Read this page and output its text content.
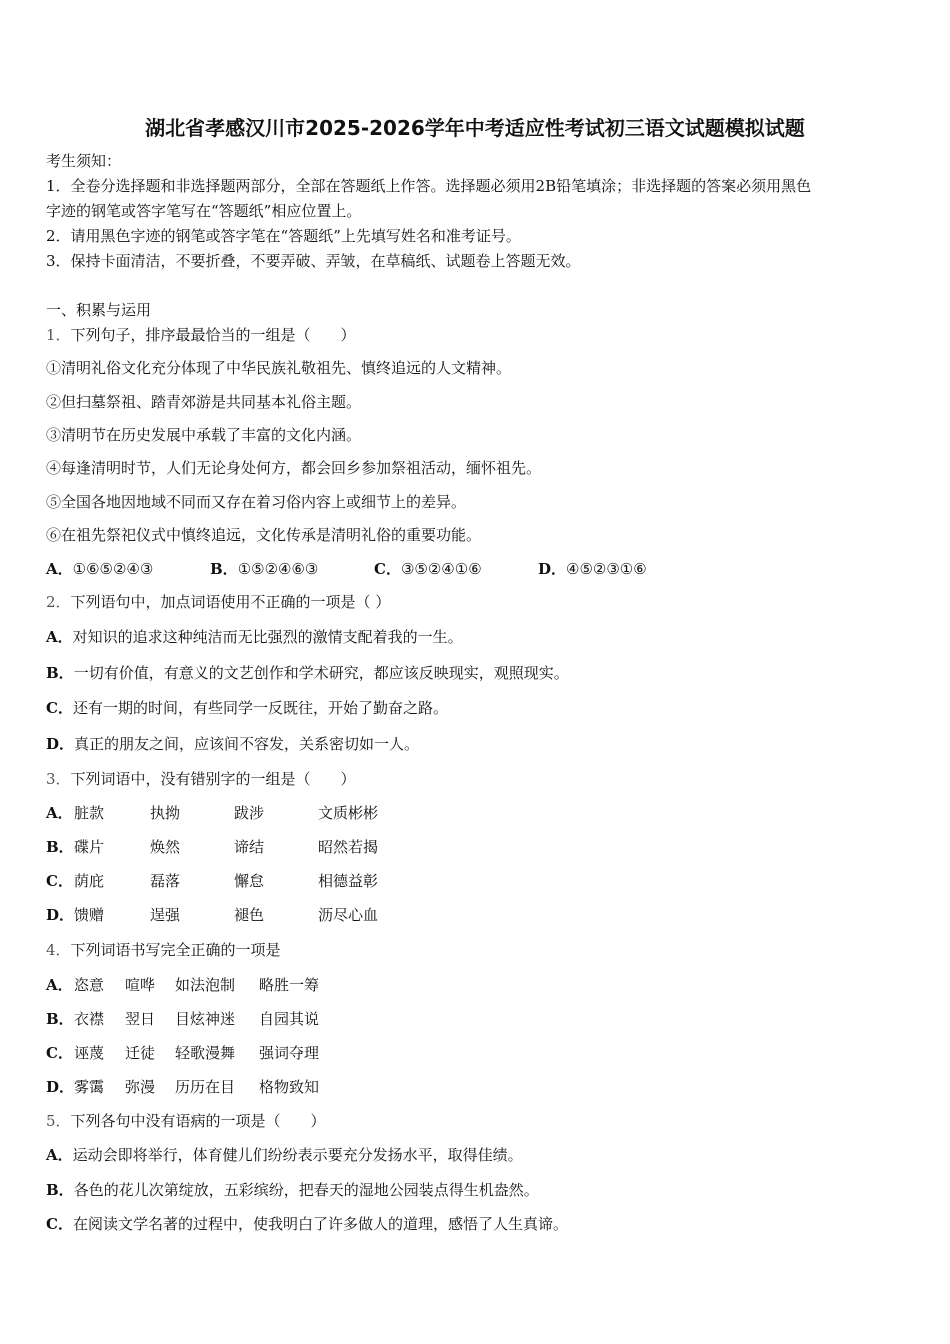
湖北省孝感汉川市2025-2026学年中考适应性考试初三语文试题模拟试题
考生须知：
1．全卷分选择题和非选择题两部分，全部在答题纸上作答。选择题必须用2B铅笔填涂；非选择题的答案必须用黑色
字迹的钢笔或答字笔写在“答题纸”相应位置上。
2．请用黑色字迹的钢笔或答字笔在“答题纸”上先填写姓名和准考证号。
3．保持卡面清洁，不要折叠，不要弄破、弄皱，在草稿纸、试题卷上答题无效。
一、积累与运用
1．下列句子，排序最最恰当的一组是（　　）
①清明礼俗文化充分体现了中华民族礼敬祖先、慎终追远的人文精神。
②但扫墓祭祖、踏青郊游是共同基本礼俗主题。
③清明节在历史发展中承载了丰富的文化内涵。
④每逢清明时节，人们无论身处何方，都会回乡参加祭祖活动，缅怀祖先。
⑤全国各地因地域不同而又存在着习俗内容上或细节上的差异。
⑥在祖先祭祀仪式中慎终追远，文化传承是清明礼俗的重要功能。
A．①⑥⑤②④③	B．①⑤②④⑥③	C．③⑤②④①⑥	D．④⑤②③①⑥
2．下列语句中，加点词语使用不正确的一项是（ ）
A．对知识的追求这种纯洁而无比强烈的激情支配着我的一生。
B．一切有价值，有意义的文艺创作和学术研究，都应该反映现实，观照现实。
C．还有一期的时间，有些同学一反既往，开始了勤奋之路。
D．真正的朋友之间，应该间不容发，关系密切如一人。
3．下列词语中，没有错别字的一组是（　　）
A． 脏款	执拗	跋涉	文质彬彬
B． 碟片	焕然	谛结	昭然若揭
C． 荫庇	磊落	懈怠	相德益彰
D． 馈赠	逞强	褪色	沥尽心血
4．下列词语书写完全正确的一项是
A． 恣意 喧哗 如法泡制 略胜一筹
B． 衣襟 翌日 目炫神迷 自园其说
C． 诬蔑 迁徒 轻歌漫舞 强词夺理
D． 雾霭 弥漫 历历在目 格物致知
5．下列各句中没有语病的一项是（　　）
A．运动会即将举行，体育健儿们纷纷表示要充分发扬水平，取得佳绩。
B．各色的花儿次第绽放，五彩缤纷，把春天的湿地公园装点得生机盎然。
C．在阅读文学名著的过程中，使我明白了许多做人的道理，感悟了人生真谛。
